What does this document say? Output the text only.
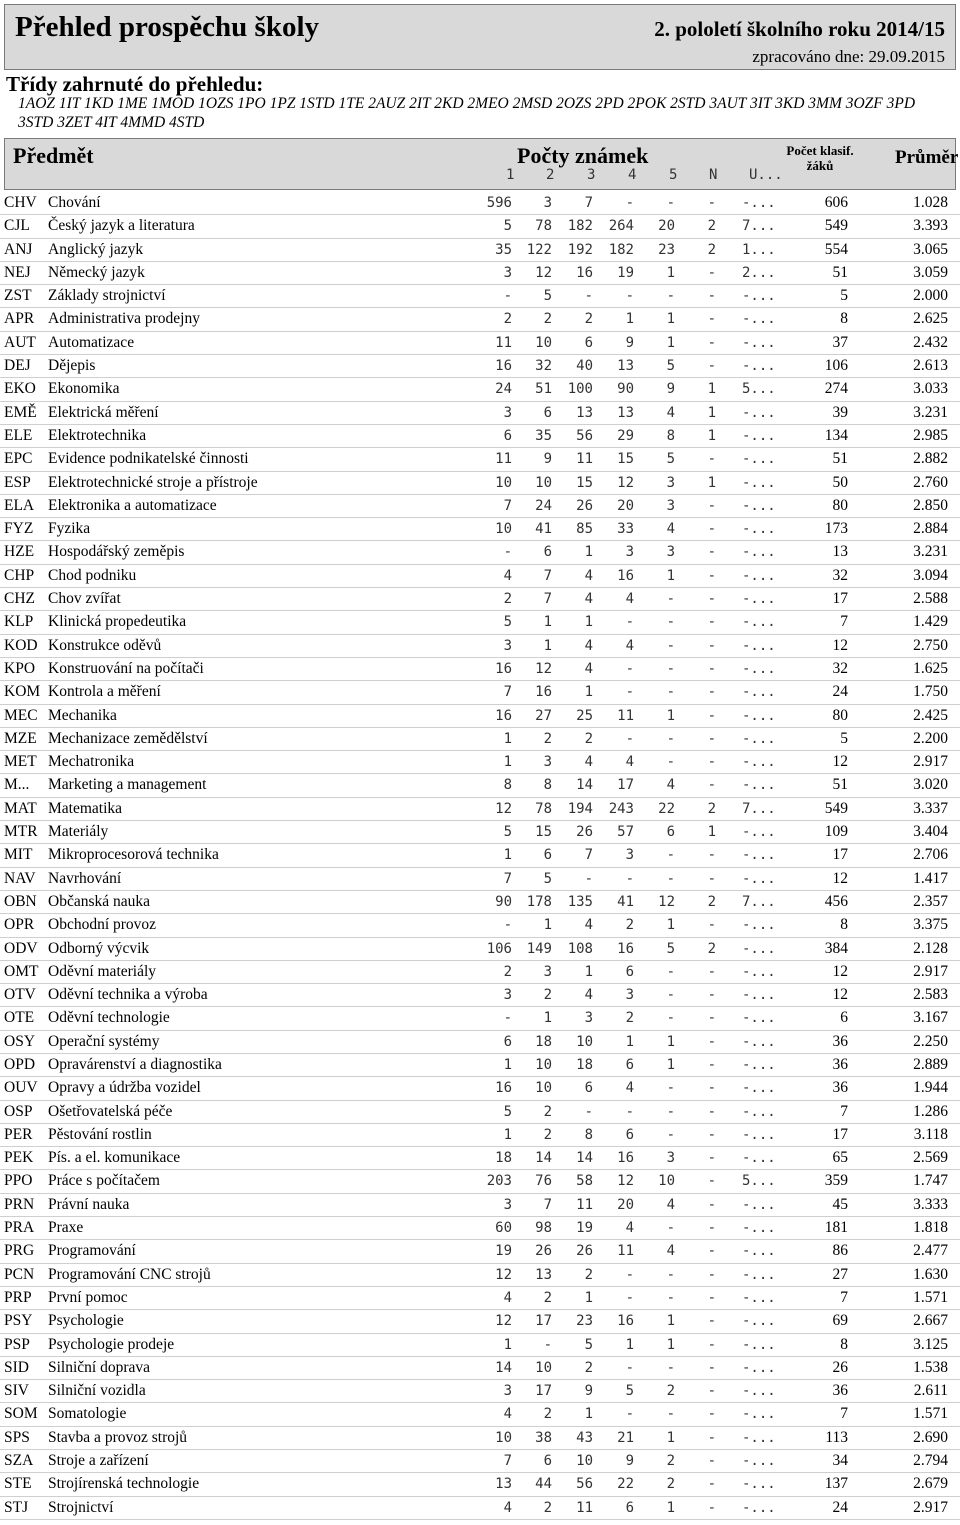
Přehled prospěchu školy	2. pololetí školního roku 2014/15
zpracováno dne: 29.09.2015
Třídy zahrnuté do přehledu:
1AOZ 1IT 1KD 1ME 1MOD 1OZS 1PO 1PZ 1STD 1TE 2AUZ 2IT 2KD 2MEO 2MSD 2OZS 2PD 2POK 2STD 3AUT 3IT 3KD 3MM 3OZF 3PD 3STD 3ZET 4IT 4MMD 4STD
Předmět	Počty známek	Počet klasif. žáků	Průměr
1 2 3 4 5 N U...
CHV Chování	596	3	7	-	-	- -...	606	1.028
CJL Český jazyk a literatura	5	78	182	264	20	2 7...	549	3.393
ANJ Anglický jazyk	35	122	192	182	23	2 1...	554	3.065
NEJ Německý jazyk	3	12	16	19	1	- 2...	51	3.059
ZST Základy strojnictví	-	5	-	-	-	- -...	5	2.000
APR Administrativa prodejny	2	2	2	1	1	- -...	8	2.625
AUT Automatizace	11	10	6	9	1	- -...	37	2.432
DEJ Dějepis	16	32	40	13	5	- -...	106	2.613
EKO Ekonomika	24	51	100	90	9	1 5...	274	3.033
EMĚ Elektrická měření	3	6	13	13	4	1 -...	39	3.231
ELE Elektrotechnika	6	35	56	29	8	1 -...	134	2.985
EPC Evidence podnikatelské činnosti	11	9	11	15	5	- -...	51	2.882
ESP Elektrotechnické stroje a přístroje	10	10	15	12	3	1 -...	50	2.760
ELA Elektronika a automatizace	7	24	26	20	3	- -...	80	2.850
FYZ Fyzika	10	41	85	33	4	- -...	173	2.884
HZE Hospodářský zeměpis	-	6	1	3	3	- -...	13	3.231
CHP Chod podniku	4	7	4	16	1	- -...	32	3.094
CHZ Chov zvířat	2	7	4	4	-	- -...	17	2.588
KLP Klinická propedeutika	5	1	1	-	-	- -...	7	1.429
KOD Konstrukce oděvů	3	1	4	4	-	- -...	12	2.750
KPO Konstruování na počítači	16	12	4	-	-	- -...	32	1.625
KOM Kontrola a měření	7	16	1	-	-	- -...	24	1.750
MEC Mechanika	16	27	25	11	1	- -...	80	2.425
MZE Mechanizace zemědělství	1	2	2	-	-	- -...	5	2.200
MET Mechatronika	1	3	4	4	-	- -...	12	2.917
M... Marketing a management	8	8	14	17	4	- -...	51	3.020
MAT Matematika	12	78	194	243	22	2 7...	549	3.337
MTR Materiály	5	15	26	57	6	1 -...	109	3.404
MIT Mikroprocesorová technika	1	6	7	3	-	- -...	17	2.706
NAV Navrhování	7	5	-	-	-	- -...	12	1.417
OBN Občanská nauka	90	178	135	41	12	2 7...	456	2.357
OPR Obchodní provoz	-	1	4	2	1	- -...	8	3.375
ODV Odborný výcvik	106	149	108	16	5	2 -...	384	2.128
OMT Oděvní materiály	2	3	1	6	-	- -...	12	2.917
OTV Oděvní technika a výroba	3	2	4	3	-	- -...	12	2.583
OTE Oděvní technologie	-	1	3	2	-	- -...	6	3.167
OSY Operační systémy	6	18	10	1	1	- -...	36	2.250
OPD Opravárenství a diagnostika	1	10	18	6	1	- -...	36	2.889
OUV Opravy a údržba vozidel	16	10	6	4	-	- -...	36	1.944
OSP Ošetřovatelská péče	5	2	-	-	-	- -...	7	1.286
PER Pěstování rostlin	1	2	8	6	-	- -...	17	3.118
PEK Pís. a el. komunikace	18	14	14	16	3	- -...	65	2.569
PPO Práce s počítačem	203	76	58	12	10	- 5...	359	1.747
PRN Právní nauka	3	7	11	20	4	- -...	45	3.333
PRA Praxe	60	98	19	4	-	- -...	181	1.818
PRG Programování	19	26	26	11	4	- -...	86	2.477
PCN Programování CNC strojů	12	13	2	-	-	- -...	27	1.630
PRP První pomoc	4	2	1	-	-	- -...	7	1.571
PSY Psychologie	12	17	23	16	1	- -...	69	2.667
PSP Psychologie prodeje	1	-	5	1	1	- -...	8	3.125
SID Silniční doprava	14	10	2	-	-	- -...	26	1.538
SIV Silniční vozidla	3	17	9	5	2	- -...	36	2.611
SOM Somatologie	4	2	1	-	-	- -...	7	1.571
SPS Stavba a provoz strojů	10	38	43	21	1	- -...	113	2.690
SZA Stroje a zařízení	7	6	10	9	2	- -...	34	2.794
STE Strojírenská technologie	13	44	56	22	2	- -...	137	2.679
STJ Strojnictví	4	2	11	6	1	- -...	24	2.917
